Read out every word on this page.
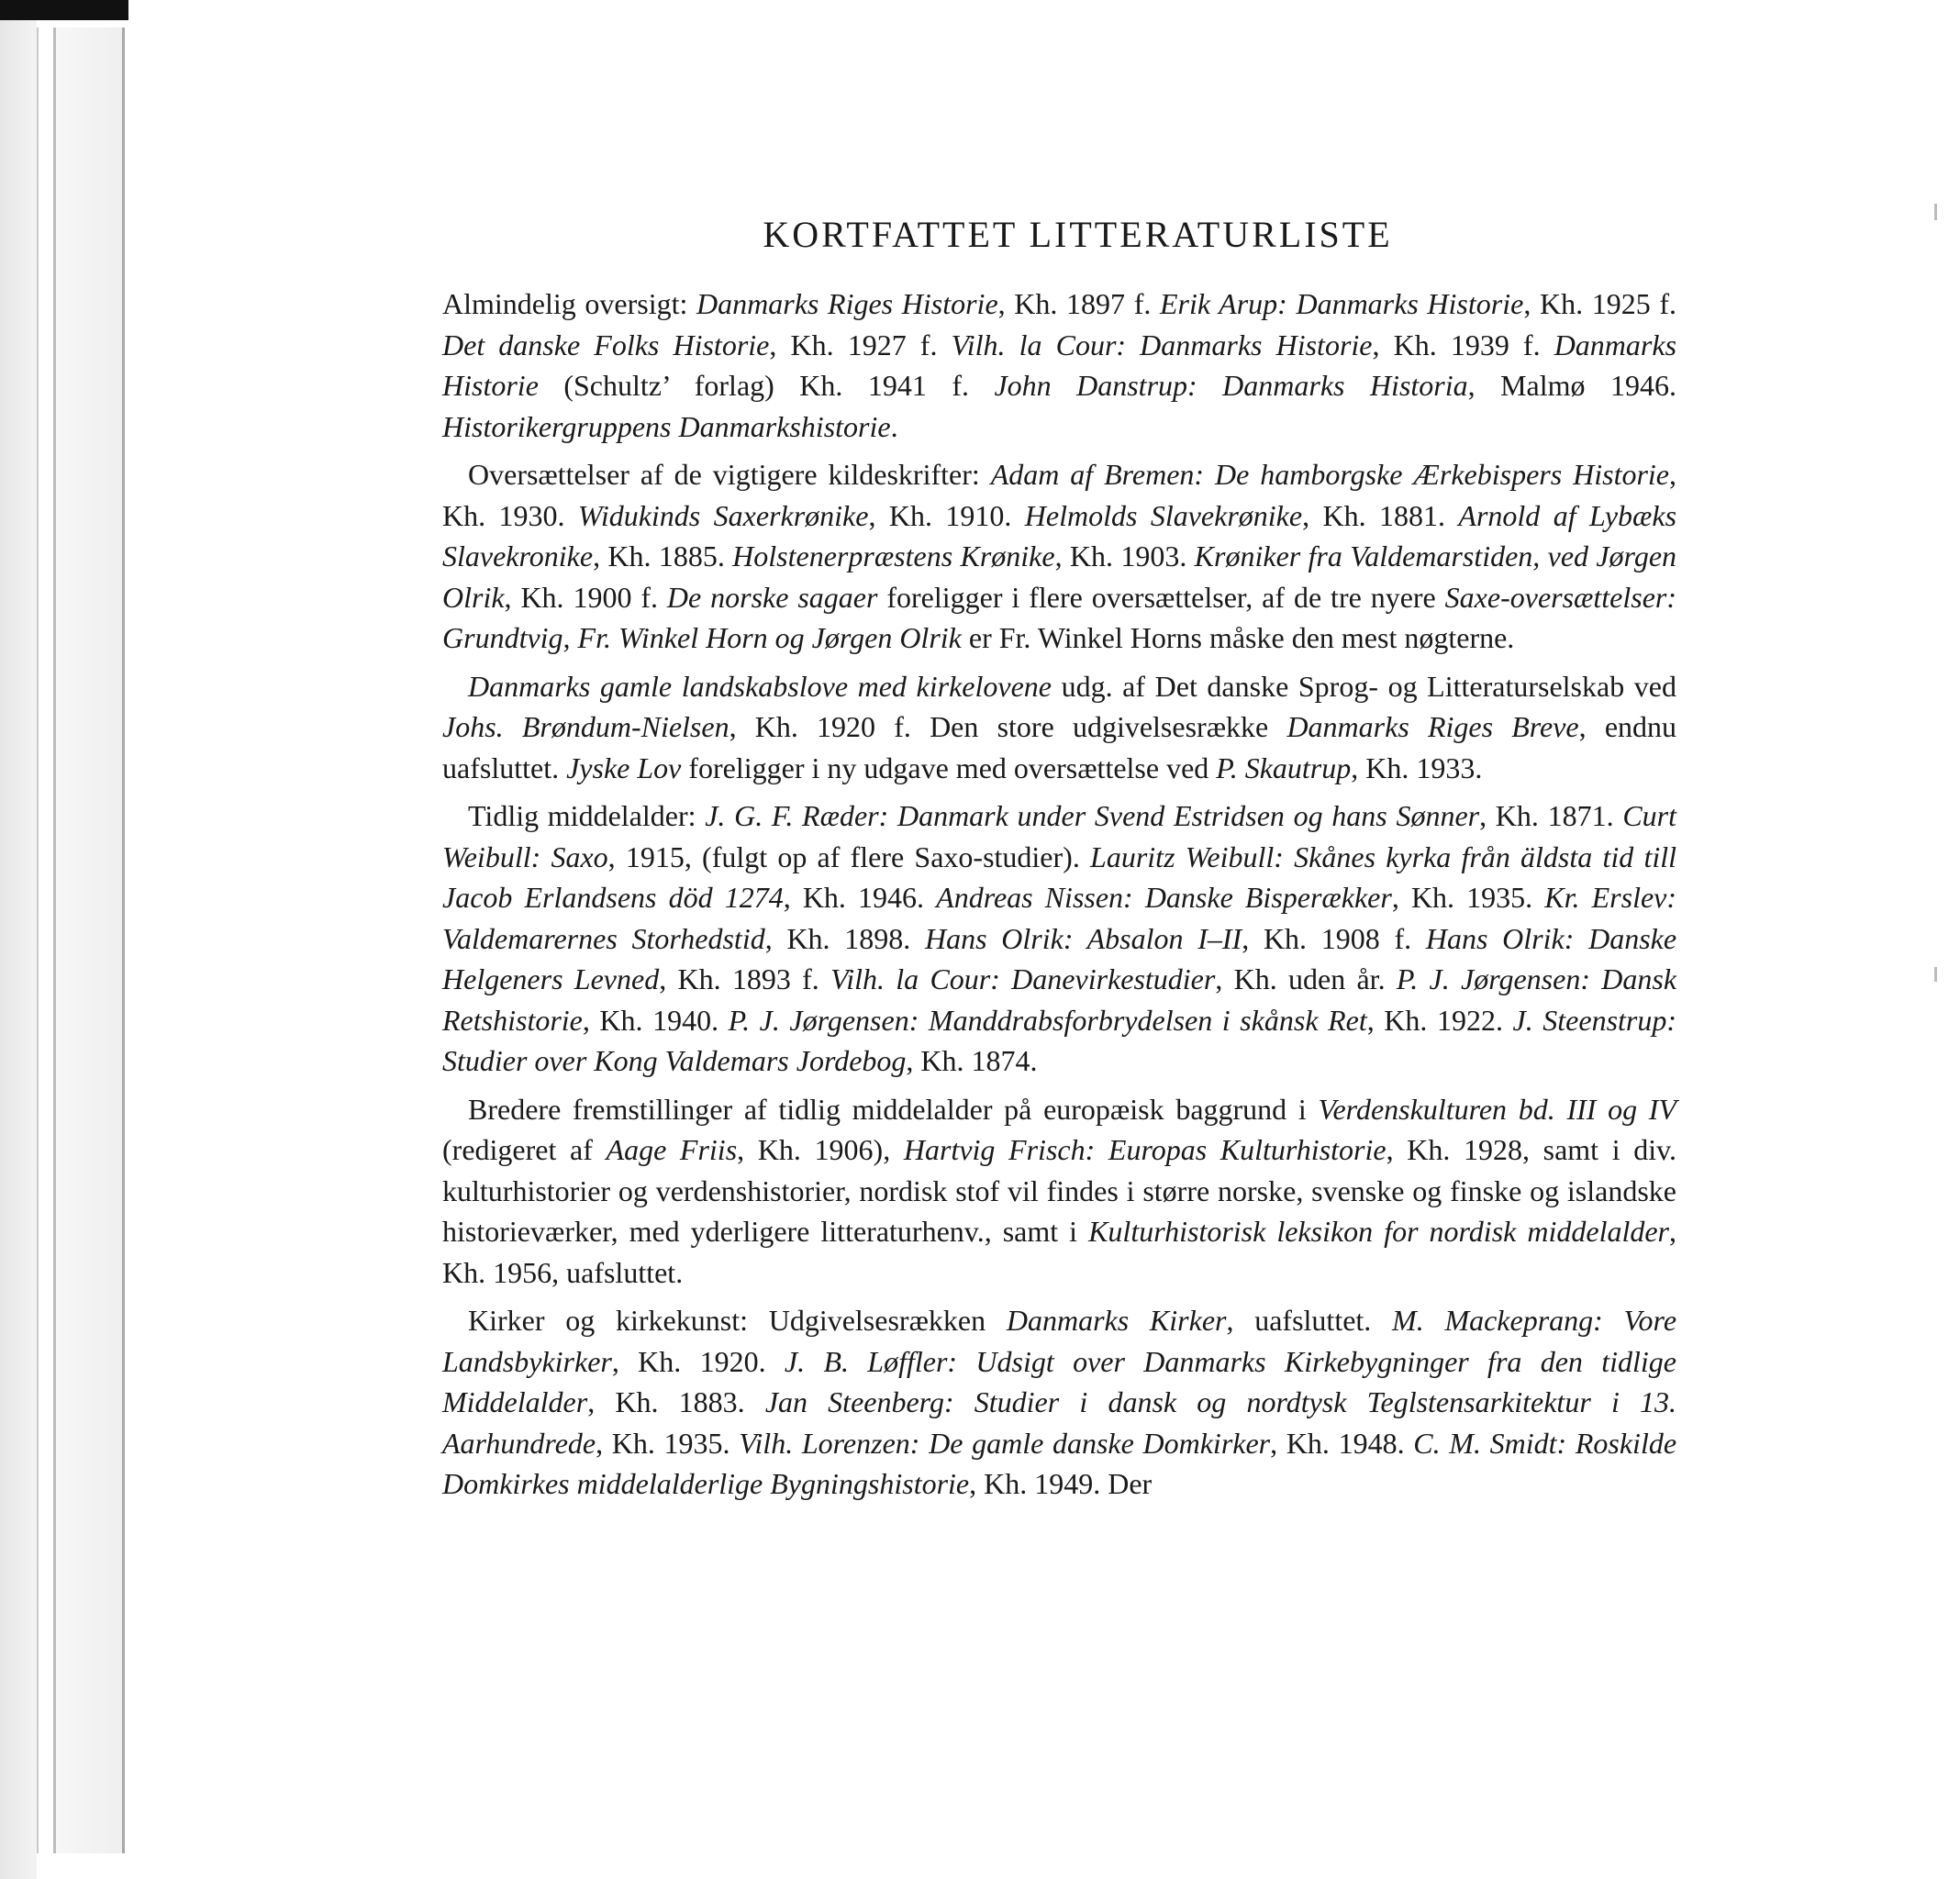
KORTFATTET LITTERATURLISTE

Almindelig oversigt: Danmarks Riges Historie, Kh. 1897 f. Erik Arup: Danmarks Historie, Kh. 1925 f. Det danske Folks Historie, Kh. 1927 f. Vilh. la Cour: Danmarks Historie, Kh. 1939 f. Danmarks Historie (Schultz’ forlag) Kh. 1941 f. John Danstrup: Danmarks Historia, Malmø 1946. Historikergruppens Danmarkshistorie.

Oversættelser af de vigtigere kildeskrifter: Adam af Bremen: De hamborgske Ærkebispers Historie, Kh. 1930. Widukinds Saxerkrønike, Kh. 1910. Helmolds Slavekrønike, Kh. 1881. Arnold af Lybæks Slavekronike, Kh. 1885. Holstenerpræstens Krønike, Kh. 1903. Krøniker fra Valdemarstiden, ved Jørgen Olrik, Kh. 1900 f. De norske sagaer foreligger i flere oversættelser, af de tre nyere Saxe-oversættelser: Grundtvig, Fr. Winkel Horn og Jørgen Olrik er Fr. Winkel Horns måske den mest nøgterne.

Danmarks gamle landskabslove med kirkelovene udg. af Det danske Sprog- og Litteraturselskab ved Johs. Brøndum-Nielsen, Kh. 1920 f. Den store udgivelsesrække Danmarks Riges Breve, endnu uafsluttet. Jyske Lov foreligger i ny udgave med oversættelse ved P. Skautrup, Kh. 1933.

Tidlig middelalder: J. G. F. Ræder: Danmark under Svend Estridsen og hans Sønner, Kh. 1871. Curt Weibull: Saxo, 1915, (fulgt op af flere Saxo-studier). Lauritz Weibull: Skånes kyrka från äldsta tid till Jacob Erlandsens död 1274, Kh. 1946. Andreas Nissen: Danske Bisperækker, Kh. 1935. Kr. Erslev: Valdemarernes Storhedstid, Kh. 1898. Hans Olrik: Absalon I–II, Kh. 1908 f. Hans Olrik: Danske Helgeners Levned, Kh. 1893 f. Vilh. la Cour: Danevirkestudier, Kh. uden år. P. J. Jørgensen: Dansk Retshistorie, Kh. 1940. P. J. Jørgensen: Manddrabsforbrydelsen i skånsk Ret, Kh. 1922. J. Steenstrup: Studier over Kong Valdemars Jordebog, Kh. 1874.

Bredere fremstillinger af tidlig middelalder på europæisk baggrund i Verdenskulturen bd. III og IV (redigeret af Aage Friis, Kh. 1906), Hartvig Frisch: Europas Kulturhistorie, Kh. 1928, samt i div. kulturhistorier og verdenshistorier, nordisk stof vil findes i større norske, svenske og finske og islandske historieværker, med yderligere litteraturhenv., samt i Kulturhistorisk leksikon for nordisk middelalder, Kh. 1956, uafsluttet.

Kirker og kirkekunst: Udgivelsesrækken Danmarks Kirker, uafsluttet. M. Mackeprang: Vore Landsbykirker, Kh. 1920. J. B. Løffler: Udsigt over Danmarks Kirkebygninger fra den tidlige Middelalder, Kh. 1883. Jan Steenberg: Studier i dansk og nordtysk Teglstensarkitektur i 13. Aarhundrede, Kh. 1935. Vilh. Lorenzen: De gamle danske Domkirker, Kh. 1948. C. M. Smidt: Roskilde Domkirkes middelalderlige Bygningshistorie, Kh. 1949. Der
